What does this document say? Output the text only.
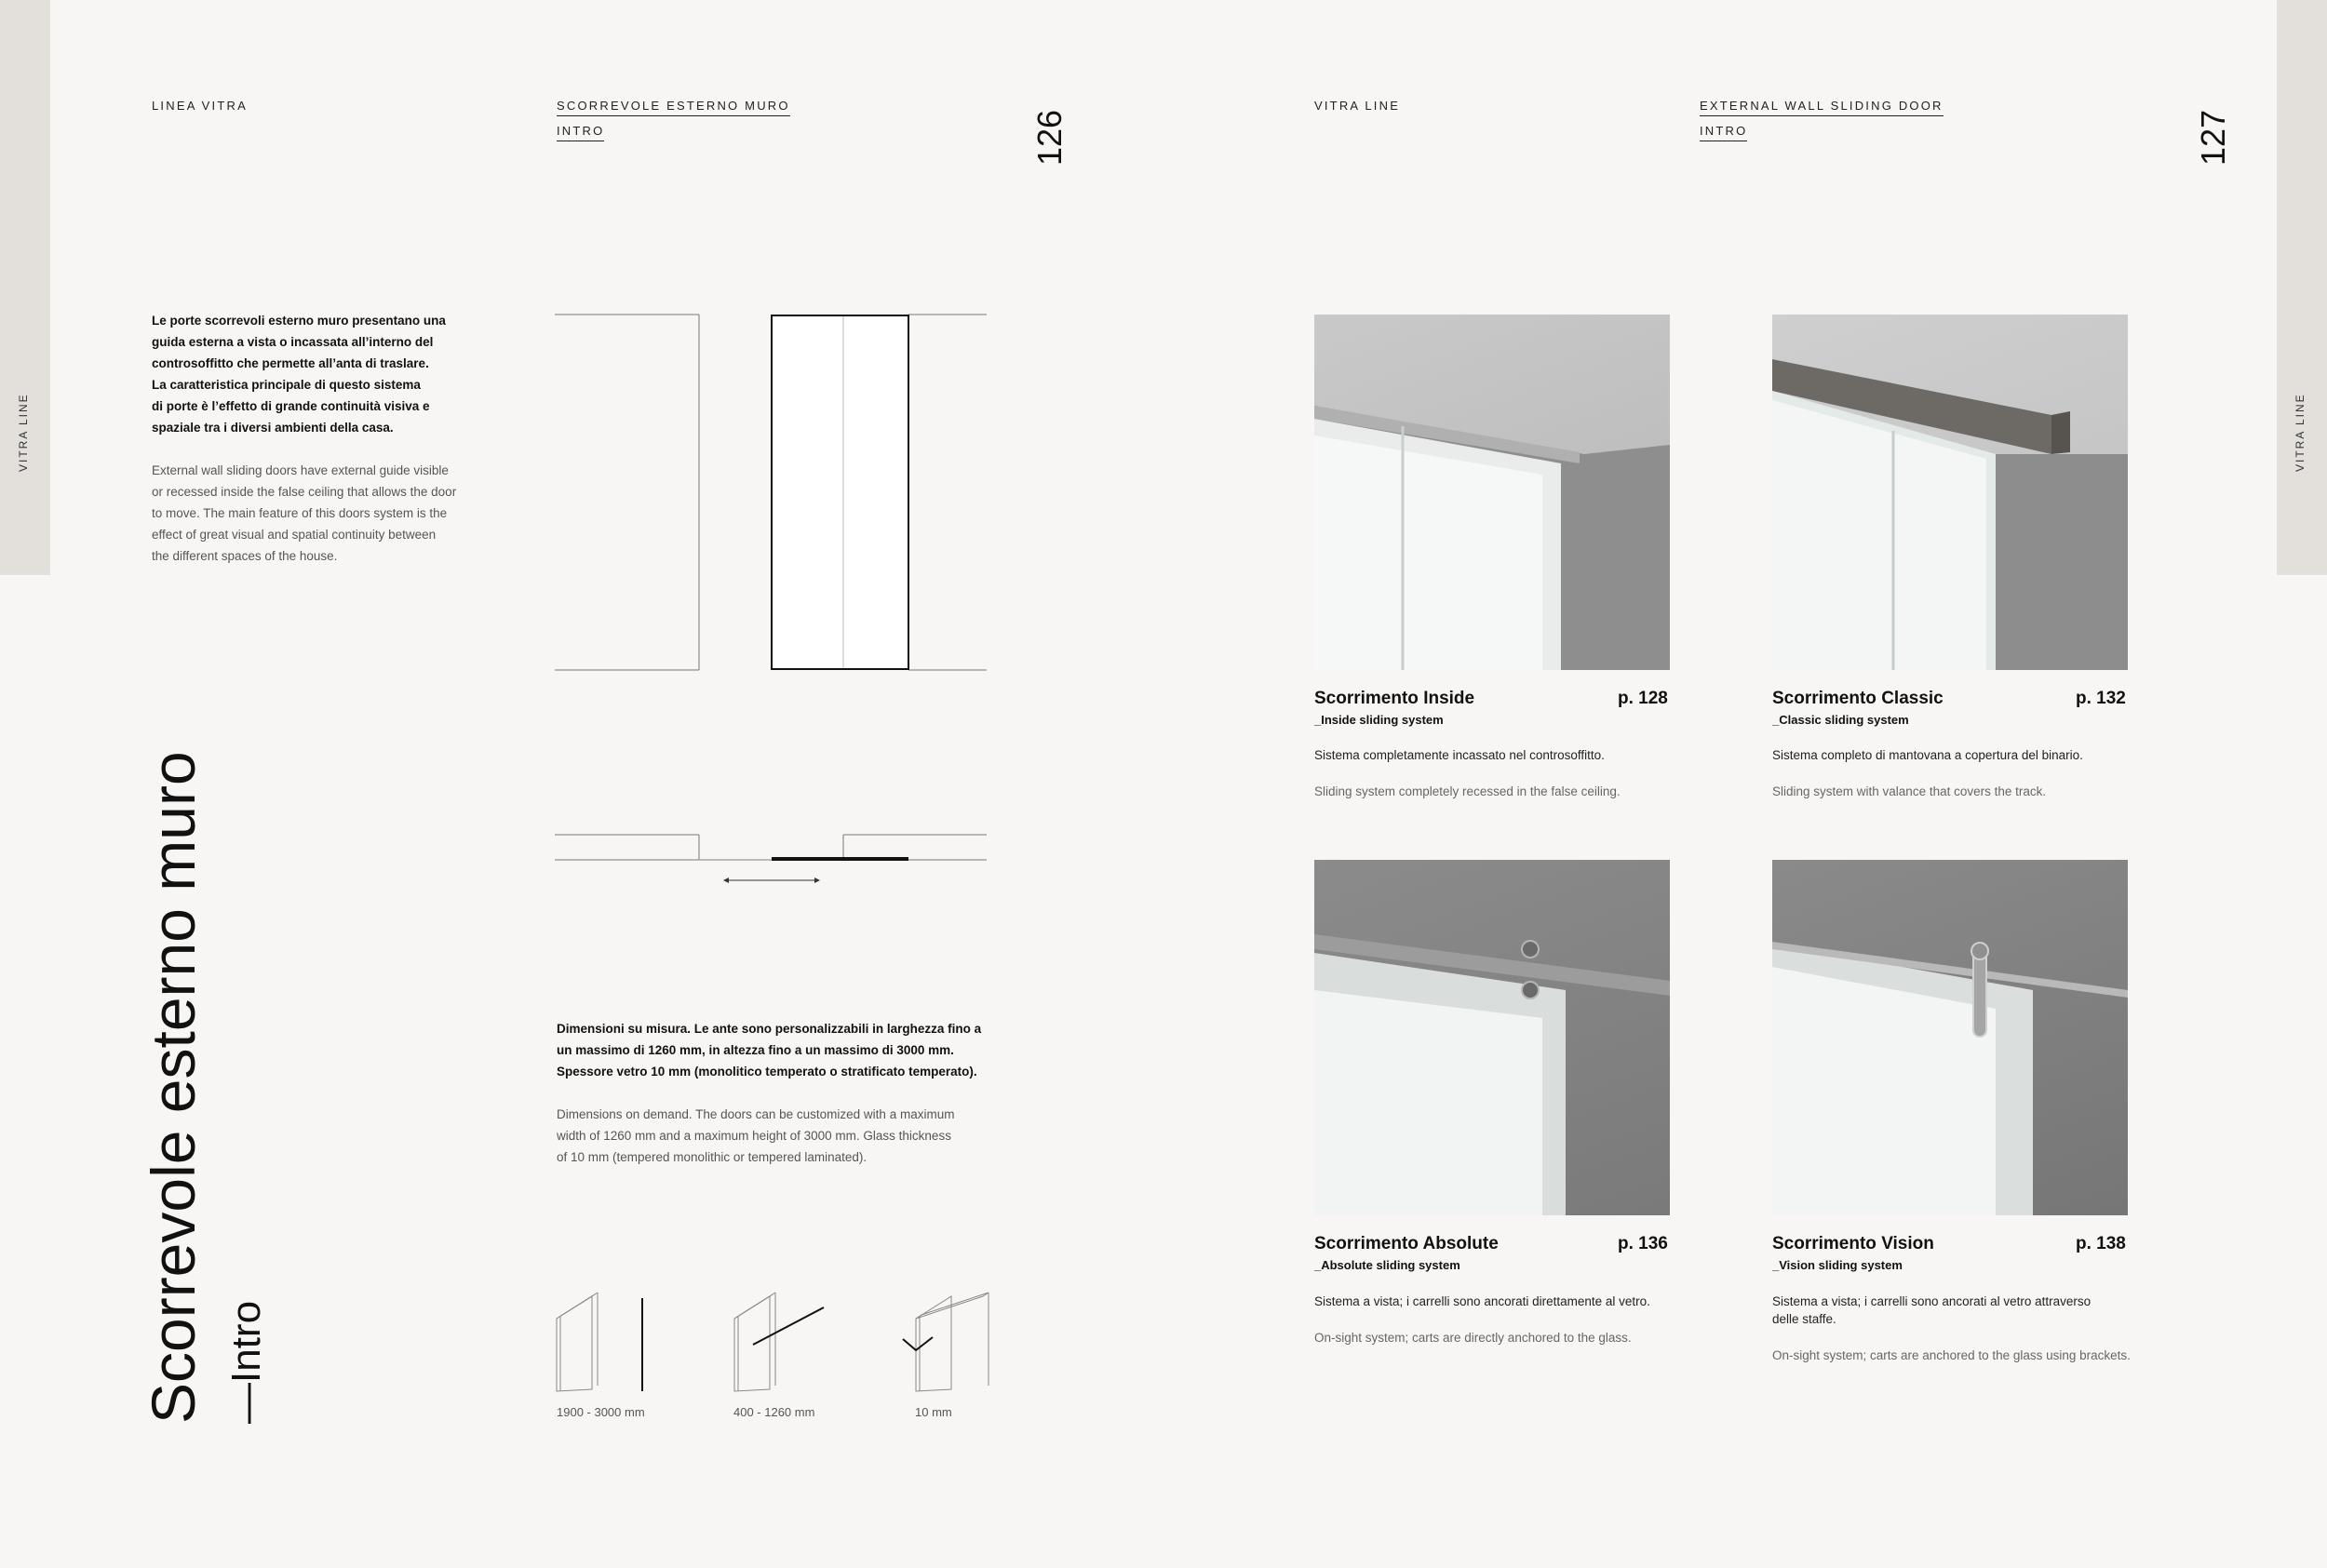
VITRA LINE
LINEA VITRA	SCORREVOLE ESTERNO MURO
INTRO	126
Le porte scorrevoli esterno muro presentano una
guida esterna a vista o incassata all’interno del
controsoffitto che permette all’anta di traslare.
La caratteristica principale di questo sistema
di porte è l’effetto di grande continuità visiva e
spaziale tra i diversi ambienti della casa.
External wall sliding doors have external guide visible
or recessed inside the false ceiling that allows the door
to move. The main feature of this doors system is the
effect of great visual and spatial continuity between
the different spaces of the house.
Scorrevole esterno muro —Intro
Dimensioni su misura. Le ante sono personalizzabili in larghezza fino a
un massimo di 1260 mm, in altezza fino a un massimo di 3000 mm.
Spessore vetro 10 mm (monolitico temperato o stratificato temperato).
Dimensions on demand. The doors can be customized with a maximum
width of 1260 mm and a maximum height of 3000 mm. Glass thickness
of 10 mm (tempered monolithic or tempered laminated).
1900 - 3000 mm	400 - 1260 mm	10 mm
VITRA LINE
VITRA LINE	EXTERNAL WALL SLIDING DOOR
INTRO	127
Scorrimento Inside	p. 128
_Inside sliding system
Sistema completamente incassato nel controsoffitto.
Sliding system completely recessed in the false ceiling.
Scorrimento Classic	p. 132
_Classic sliding system
Sistema completo di mantovana a copertura del binario.
Sliding system with valance that covers the track.
Scorrimento Absolute	p. 136
_Absolute sliding system
Sistema a vista; i carrelli sono ancorati direttamente al vetro.
On-sight system; carts are directly anchored to the glass.
Scorrimento Vision	p. 138
_Vision sliding system
Sistema a vista; i carrelli sono ancorati al vetro attraverso delle staffe.
On-sight system; carts are anchored to the glass using brackets.
